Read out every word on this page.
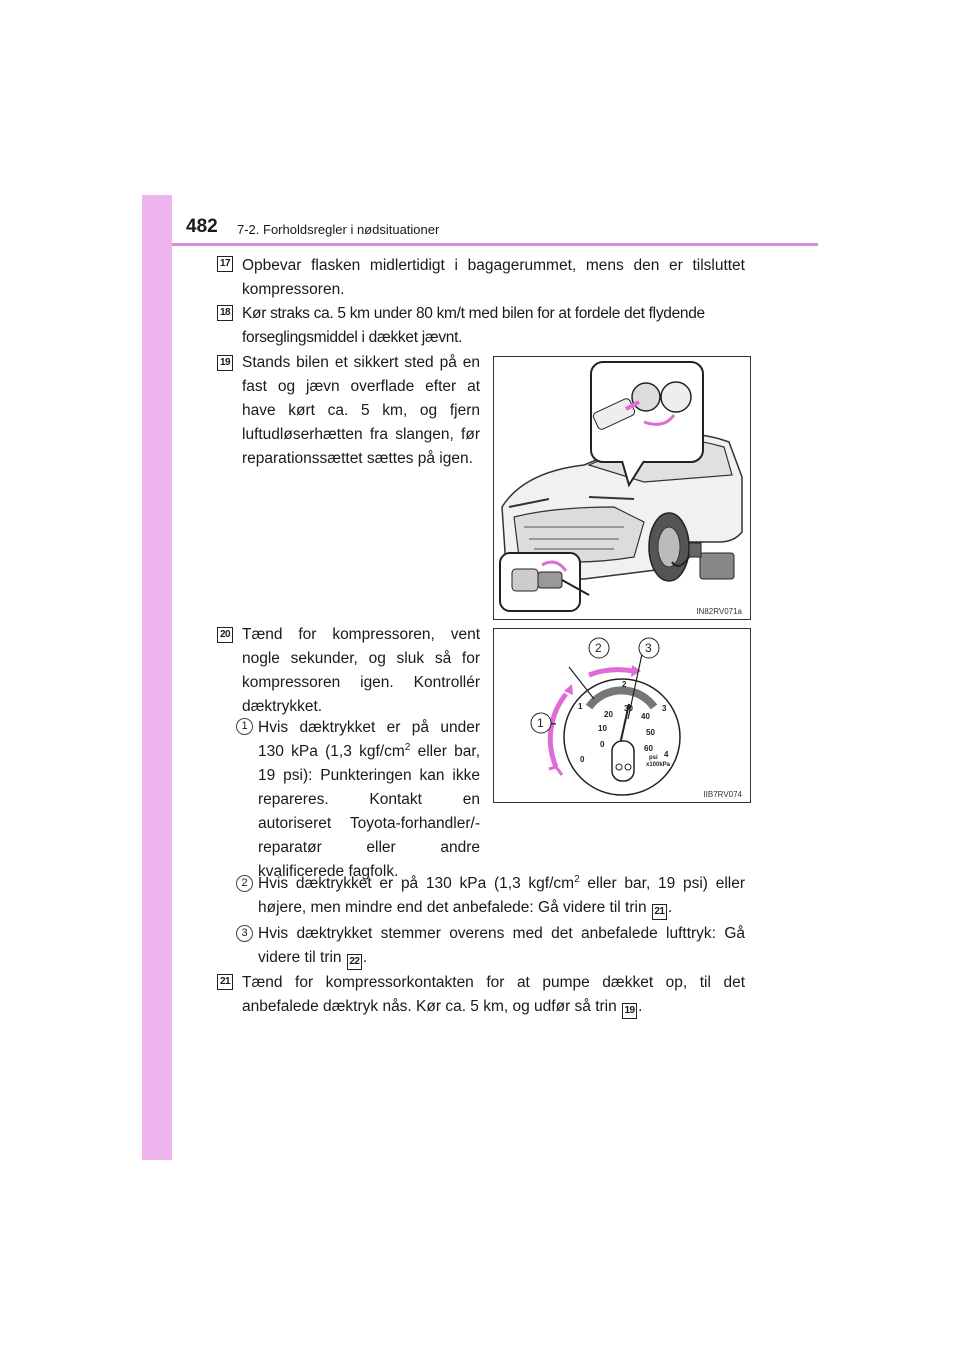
482 7-2. Forholdsregler i nødsituationer
17 Opbevar flasken midlertidigt i bagagerummet, mens den er tilsluttet kompressoren.
18 Kør straks ca. 5 km under 80 km/t med bilen for at fordele det flydende forseglingsmiddel i dækket jævnt.
19 Stands bilen et sikkert sted på en fast og jævn overflade efter at have kørt ca. 5 km, og fjern luftudløserhætten fra slangen, før reparationssættet sættes på igen.
IN82RV071a
20 Tænd for kompressoren, vent nogle sekunder, og sluk så for kompressoren igen. Kontrollér dæktrykket.
1
2	3
0
1
2
3
4
0
10
20
30
40
50
60
psi
x100kPa
IIB7RV074
1 Hvis dæktrykket er på under 130 kPa (1,3 kgf/$cm^2$ eller bar, 19 psi): Punkteringen kan ikke repareres. Kontakt en autoriseret Toyota-forhandler/-reparatør eller andre kvalificerede fagfolk.
2 Hvis dæktrykket er på 130 kPa (1,3 kgf/$cm^2$ eller bar, 19 psi) eller højere, men mindre end det anbefalede: Gå videre til trin 21 .
3 Hvis dæktrykket stemmer overens med det anbefalede lufttryk: Gå videre til trin 22 .
21 Tænd for kompressorkontakten for at pumpe dækket op, til det anbefalede dæktryk nås. Kør ca. 5 km, og udfør så trin 19 .
